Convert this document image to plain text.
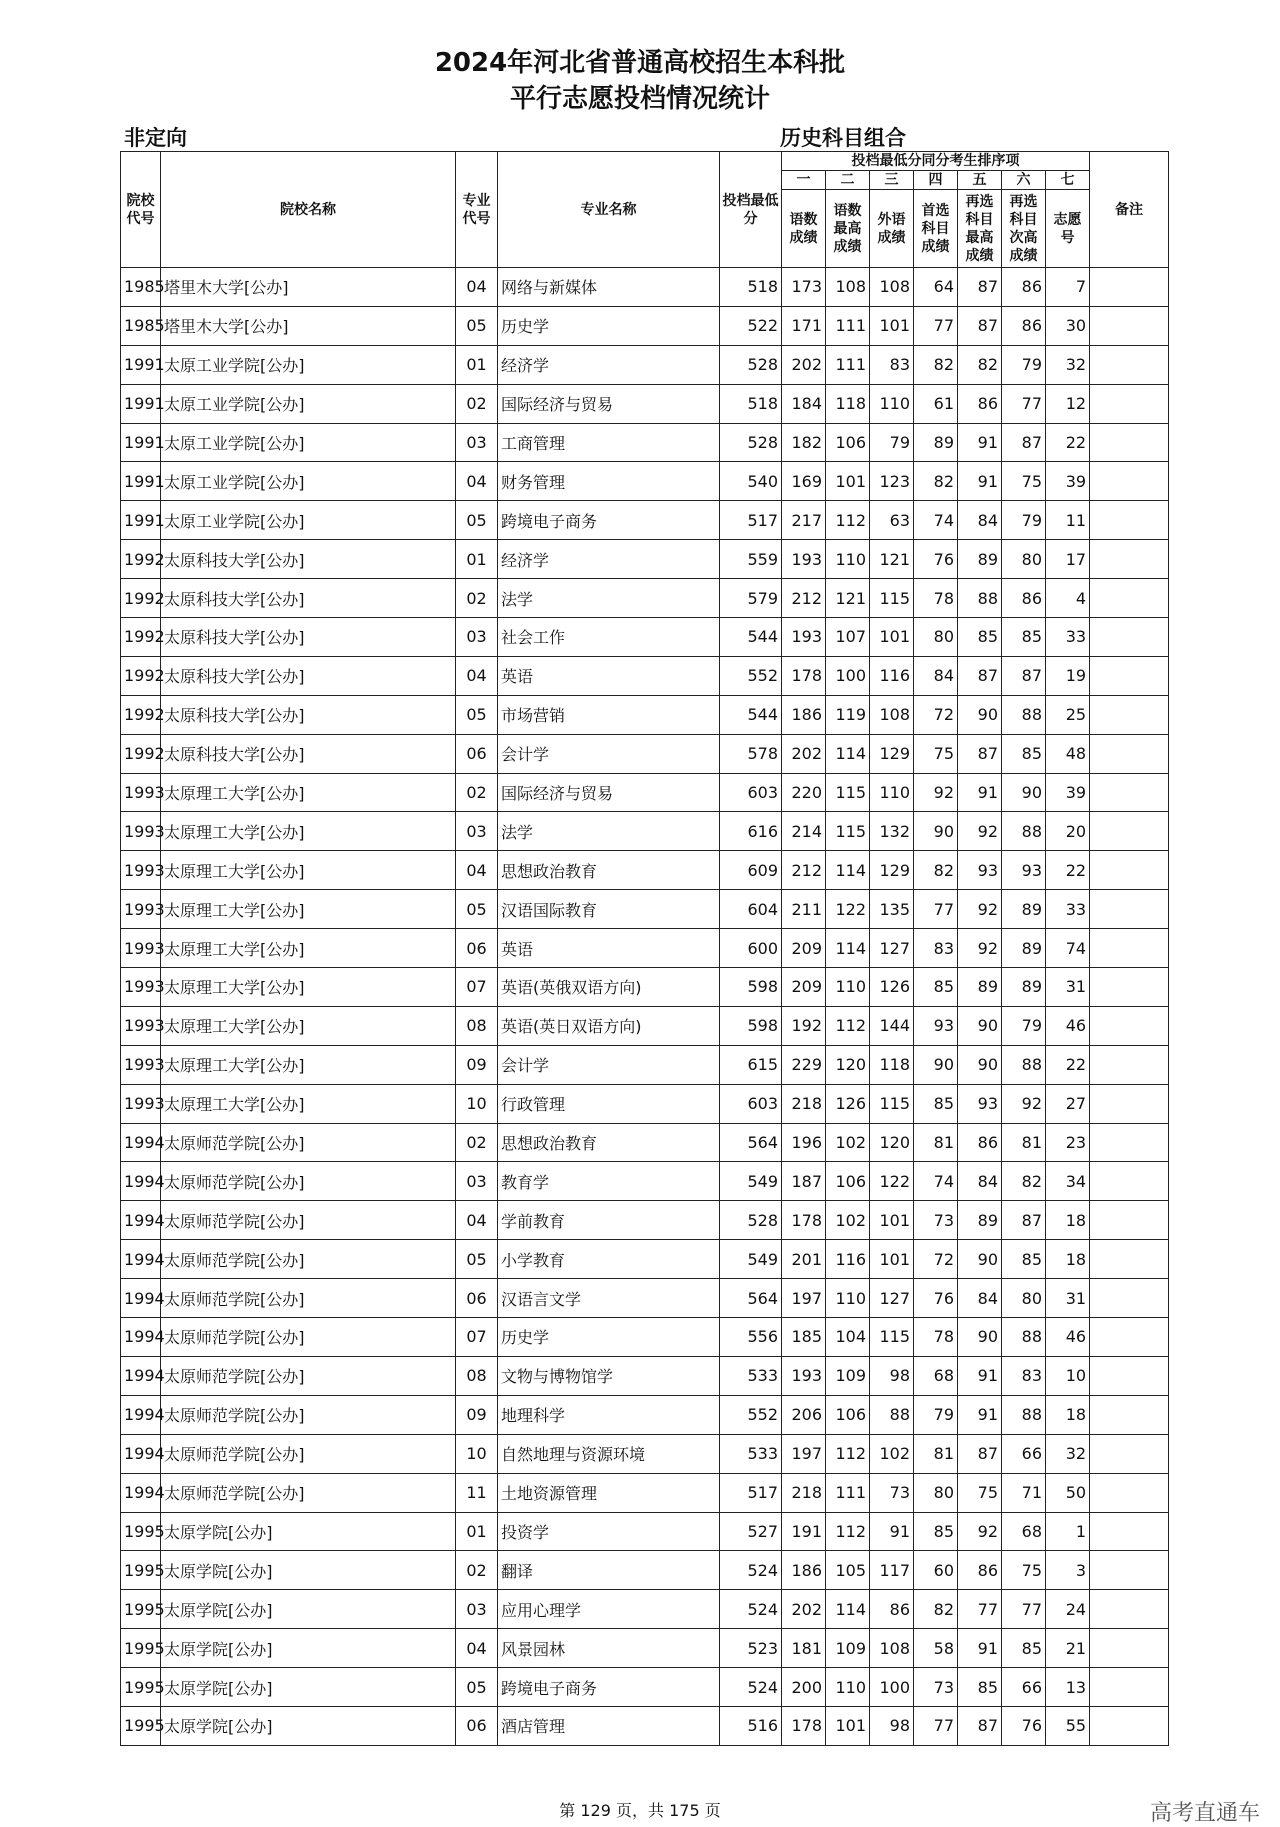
2024年河北省普通高校招生本科批
平行志愿投档情况统计
非定向	历史科目组合
院校代号	院校名称	专业代号	专业名称	投档最低分	投档最低分同分考生排序项							备注
					一	二	三	四	五	六	七	
					语数成绩	语数最高成绩	外语成绩	首选科目成绩	再选科目最高成绩	再选科目次高成绩	志愿号	
1985	塔里木大学[公办]	04	网络与新媒体	518	173	108	108	64	87	86	7	
1985	塔里木大学[公办]	05	历史学	522	171	111	101	77	87	86	30	
1991	太原工业学院[公办]	01	经济学	528	202	111	83	82	82	79	32	
1991	太原工业学院[公办]	02	国际经济与贸易	518	184	118	110	61	86	77	12	
1991	太原工业学院[公办]	03	工商管理	528	182	106	79	89	91	87	22	
1991	太原工业学院[公办]	04	财务管理	540	169	101	123	82	91	75	39	
1991	太原工业学院[公办]	05	跨境电子商务	517	217	112	63	74	84	79	11	
1992	太原科技大学[公办]	01	经济学	559	193	110	121	76	89	80	17	
1992	太原科技大学[公办]	02	法学	579	212	121	115	78	88	86	4	
1992	太原科技大学[公办]	03	社会工作	544	193	107	101	80	85	85	33	
1992	太原科技大学[公办]	04	英语	552	178	100	116	84	87	87	19	
1992	太原科技大学[公办]	05	市场营销	544	186	119	108	72	90	88	25	
1992	太原科技大学[公办]	06	会计学	578	202	114	129	75	87	85	48	
1993	太原理工大学[公办]	02	国际经济与贸易	603	220	115	110	92	91	90	39	
1993	太原理工大学[公办]	03	法学	616	214	115	132	90	92	88	20	
1993	太原理工大学[公办]	04	思想政治教育	609	212	114	129	82	93	93	22	
1993	太原理工大学[公办]	05	汉语国际教育	604	211	122	135	77	92	89	33	
1993	太原理工大学[公办]	06	英语	600	209	114	127	83	92	89	74	
1993	太原理工大学[公办]	07	英语(英俄双语方向)	598	209	110	126	85	89	89	31	
1993	太原理工大学[公办]	08	英语(英日双语方向)	598	192	112	144	93	90	79	46	
1993	太原理工大学[公办]	09	会计学	615	229	120	118	90	90	88	22	
1993	太原理工大学[公办]	10	行政管理	603	218	126	115	85	93	92	27	
1994	太原师范学院[公办]	02	思想政治教育	564	196	102	120	81	86	81	23	
1994	太原师范学院[公办]	03	教育学	549	187	106	122	74	84	82	34	
1994	太原师范学院[公办]	04	学前教育	528	178	102	101	73	89	87	18	
1994	太原师范学院[公办]	05	小学教育	549	201	116	101	72	90	85	18	
1994	太原师范学院[公办]	06	汉语言文学	564	197	110	127	76	84	80	31	
1994	太原师范学院[公办]	07	历史学	556	185	104	115	78	90	88	46	
1994	太原师范学院[公办]	08	文物与博物馆学	533	193	109	98	68	91	83	10	
1994	太原师范学院[公办]	09	地理科学	552	206	106	88	79	91	88	18	
1994	太原师范学院[公办]	10	自然地理与资源环境	533	197	112	102	81	87	66	32	
1994	太原师范学院[公办]	11	土地资源管理	517	218	111	73	80	75	71	50	
1995	太原学院[公办]	01	投资学	527	191	112	91	85	92	68	1	
1995	太原学院[公办]	02	翻译	524	186	105	117	60	86	75	3	
1995	太原学院[公办]	03	应用心理学	524	202	114	86	82	77	77	24	
1995	太原学院[公办]	04	风景园林	523	181	109	108	58	91	85	21	
1995	太原学院[公办]	05	跨境电子商务	524	200	110	100	73	85	66	13	
1995	太原学院[公办]	06	酒店管理	516	178	101	98	77	87	76	55	
第 129 页，共 175 页	高考直通车
